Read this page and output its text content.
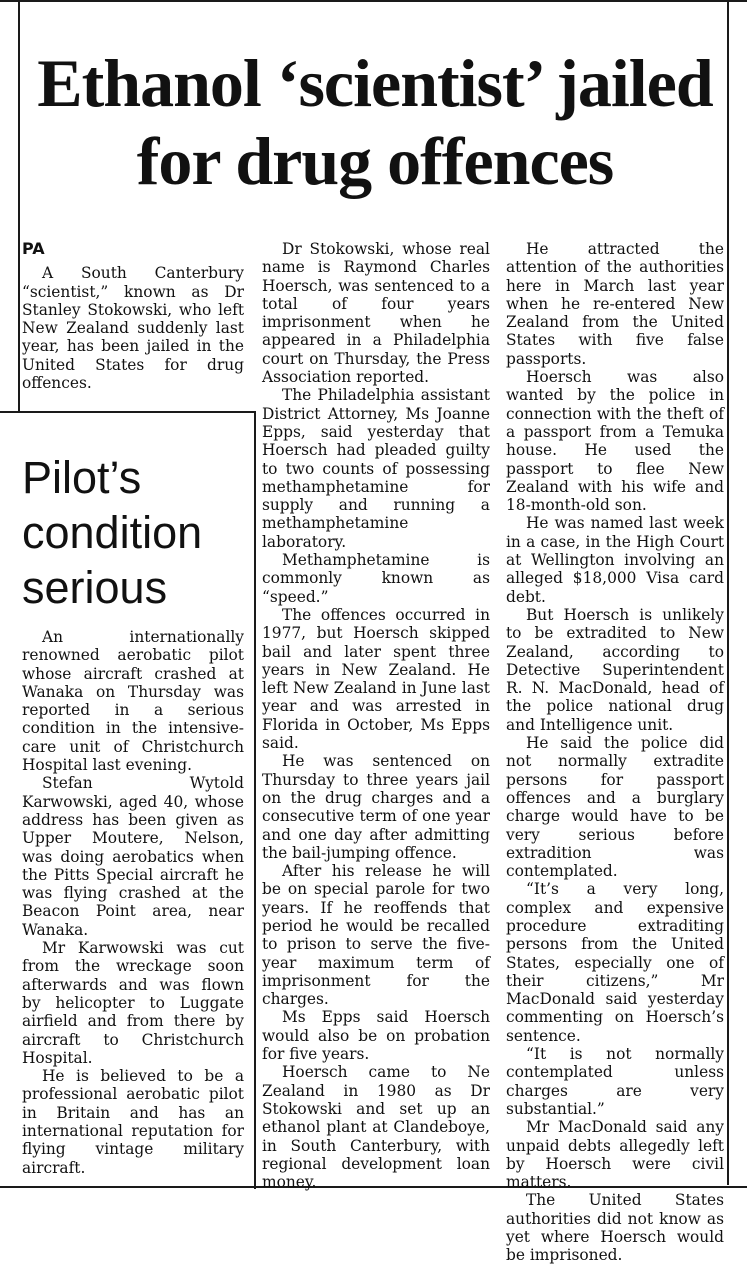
Ethanol ‘scientist’ jailed
for drug offences

PA

A South Canterbury “scientist,” known as Dr Stanley Stokowski, who left New Zealand suddenly last year, has been jailed in the United States for drug offences.

Dr Stokowski, whose real name is Raymond Charles Hoersch, was sentenced to a total of four years imprisonment when he appeared in a Philadelphia court on Thursday, the Press Association reported.

The Philadelphia assistant District Attorney, Ms Joanne Epps, said yesterday that Hoersch had pleaded guilty to two counts of possessing methamphetamine for supply and running a methamphetamine laboratory.

Methamphetamine is commonly known as “speed.”

The offences occurred in 1977, but Hoersch skipped bail and later spent three years in New Zealand. He left New Zealand in June last year and was arrested in Florida in October, Ms Epps said.

He was sentenced on Thursday to three years jail on the drug charges and a consecutive term of one year and one day after admitting the bail-jumping offence.

After his release he will be on special parole for two years. If he reoffends that period he would be recalled to prison to serve the five-year maximum term of imprisonment for the charges.

Ms Epps said Hoersch would also be on probation for five years.

Hoersch came to Ne Zealand in 1980 as Dr Stokowski and set up an ethanol plant at Clandeboye, in South Canterbury, with regional development loan money.

He attracted the attention of the authorities here in March last year when he re-entered New Zealand from the United States with five false passports.

Hoersch was also wanted by the police in connection with the theft of a passport from a Temuka house. He used the passport to flee New Zealand with his wife and 18-month-old son.

He was named last week in a case, in the High Court at Wellington involving an alleged $18,000 Visa card debt.

But Hoersch is unlikely to be extradited to New Zealand, according to Detective Superintendent R. N. MacDonald, head of the police national drug and Intelligence unit.

He said the police did not normally extradite persons for passport offences and a burglary charge would have to be very serious before extradition was contemplated.

“It’s a very long, complex and expensive procedure extraditing persons from the United States, especially one of their citizens,” Mr MacDonald said yesterday commenting on Hoersch’s sentence.

“It is not normally contemplated unless charges are very substantial.”

Mr MacDonald said any unpaid debts allegedly left by Hoersch were civil matters.

The United States authorities did not know as yet where Hoersch would be imprisoned.

Pilot’s
condition
serious

An internationally renowned aerobatic pilot whose aircraft crashed at Wanaka on Thursday was reported in a serious condition in the intensive-care unit of Christchurch Hospital last evening.

Stefan Wytold Karwowski, aged 40, whose address has been given as Upper Moutere, Nelson, was doing aerobatics when the Pitts Special aircraft he was flying crashed at the Beacon Point area, near Wanaka.

Mr Karwowski was cut from the wreckage soon afterwards and was flown by helicopter to Luggate airfield and from there by aircraft to Christchurch Hospital.

He is believed to be a professional aerobatic pilot in Britain and has an international reputation for flying vintage military aircraft.
